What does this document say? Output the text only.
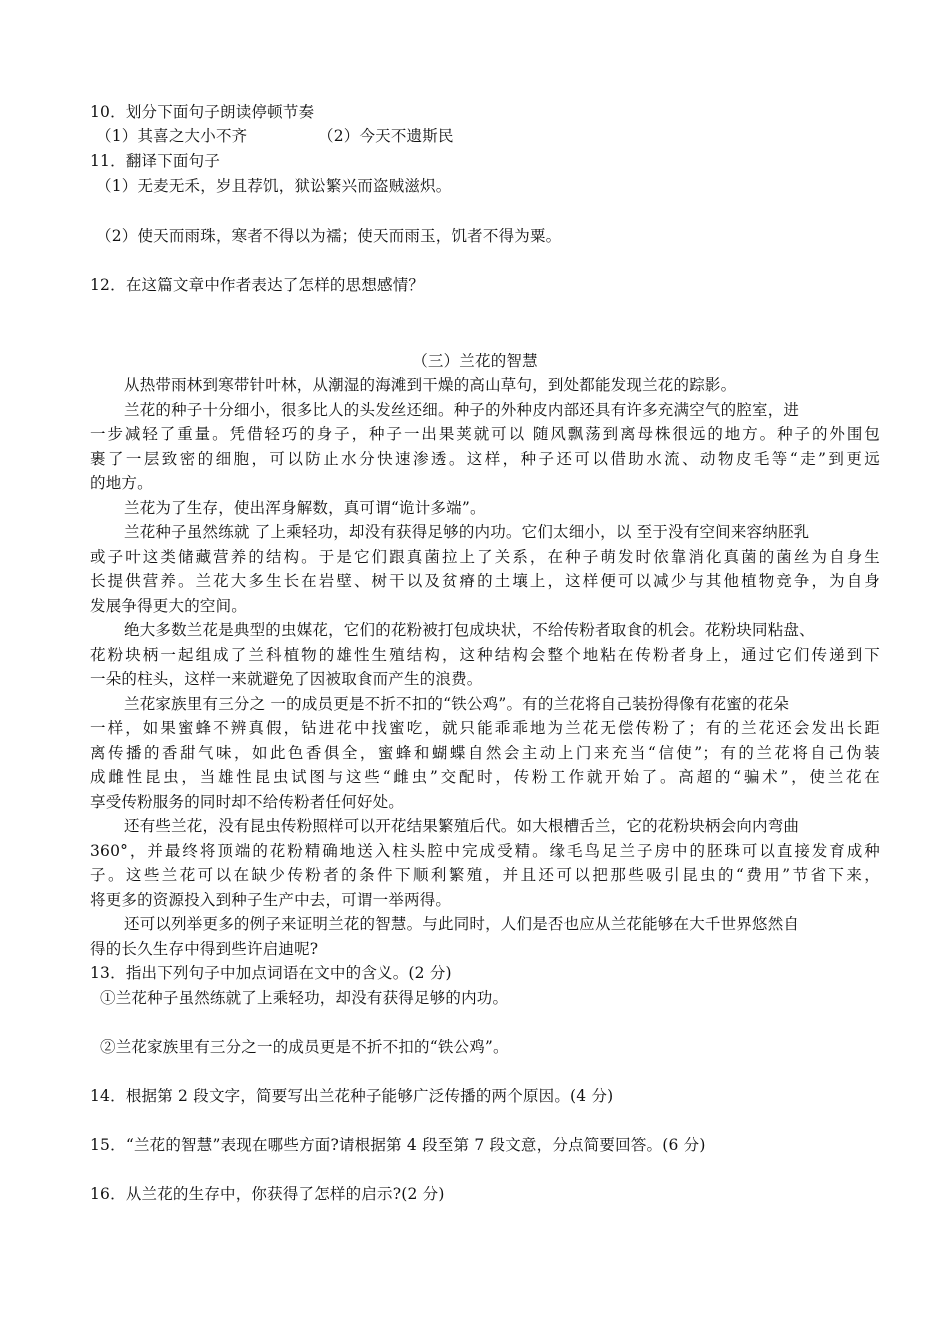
10．划分下面句子朗读停顿节奏
（1）其喜之大小不齐	（2）今天不遗斯民
11．翻译下面句子
（1）无麦无禾，岁且荐饥，狱讼繁兴而盗贼滋炽。
（2）使天而雨珠，寒者不得以为襦；使天而雨玉，饥者不得为粟。
12．在这篇文章中作者表达了怎样的思想感情？
（三）兰花的智慧
从热带雨林到寒带针叶林，从潮湿的海滩到干燥的高山草句，到处都能发现兰花的踪影。
兰花的种子十分细小，很多比人的头发丝还细。种子的外种皮内部还具有许多充满空气的腔室，进
一步减轻了重量。凭借轻巧的身子，种子一出果荚就可以 随风飘荡到离母株很远的地方。种子的外围包
裹了一层致密的细胞，可以防止水分快速渗透。这样，种子还可以借助水流、动物皮毛等“走”到更远
的地方。
兰花为了生存，使出浑身解数，真可谓“诡计多端”。
兰花种子虽然练就 了上乘轻功，却没有获得足够的内功。它们太细小，以 至于没有空间来容纳胚乳
或子叶这类储藏营养的结构。于是它们跟真菌拉上了关系，在种子萌发时依靠消化真菌的菌丝为自身生
长提供营养。兰花大多生长在岩壁、树干以及贫瘠的土壤上，这样便可以减少与其他植物竞争，为自身
发展争得更大的空间。
绝大多数兰花是典型的虫媒花，它们的花粉被打包成块状，不给传粉者取食的机会。花粉块同粘盘、
花粉块柄一起组成了兰科植物的雄性生殖结构，这种结构会整个地粘在传粉者身上，通过它们传递到下
一朵的柱头，这样一来就避免了因被取食而产生的浪费。
兰花家族里有三分之 一的成员更是不折不扣的“铁公鸡”。有的兰花将自己装扮得像有花蜜的花朵
一样，如果蜜蜂不辨真假，钻进花中找蜜吃，就只能乖乖地为兰花无偿传粉了；有的兰花还会发出长距
离传播的香甜气味，如此色香俱全，蜜蜂和蝴蝶自然会主动上门来充当“信使”；有的兰花将自己伪装
成雌性昆虫，当雄性昆虫试图与这些“雌虫”交配时，传粉工作就开始了。高超的“骗术”，使兰花在
享受传粉服务的同时却不给传粉者任何好处。
还有些兰花，没有昆虫传粉照样可以开花结果繁殖后代。如大根槽舌兰，它的花粉块柄会向内弯曲
360°，并最终将顶端的花粉精确地送入柱头腔中完成受精。缘毛鸟足兰子房中的胚珠可以直接发育成种
子。这些兰花可以在缺少传粉者的条件下顺利繁殖，并且还可以把那些吸引昆虫的“费用”节省下来，
将更多的资源投入到种子生产中去，可谓一举两得。
还可以列举更多的例子来证明兰花的智慧。与此同时，人们是否也应从兰花能够在大千世界悠然自
得的长久生存中得到些许启迪呢?
13．指出下列句子中加点词语在文中的含义。(2 分)
①兰花种子虽然练就了上乘轻功，却没有获得足够的内功。
②兰花家族里有三分之一的成员更是不折不扣的“铁公鸡”。
14．根据第 2 段文字，简要写出兰花种子能够广泛传播的两个原因。(4 分)
15．“兰花的智慧”表现在哪些方面?请根据第 4 段至第 7 段文意，分点简要回答。(6 分)
16．从兰花的生存中，你获得了怎样的启示?(2 分)
